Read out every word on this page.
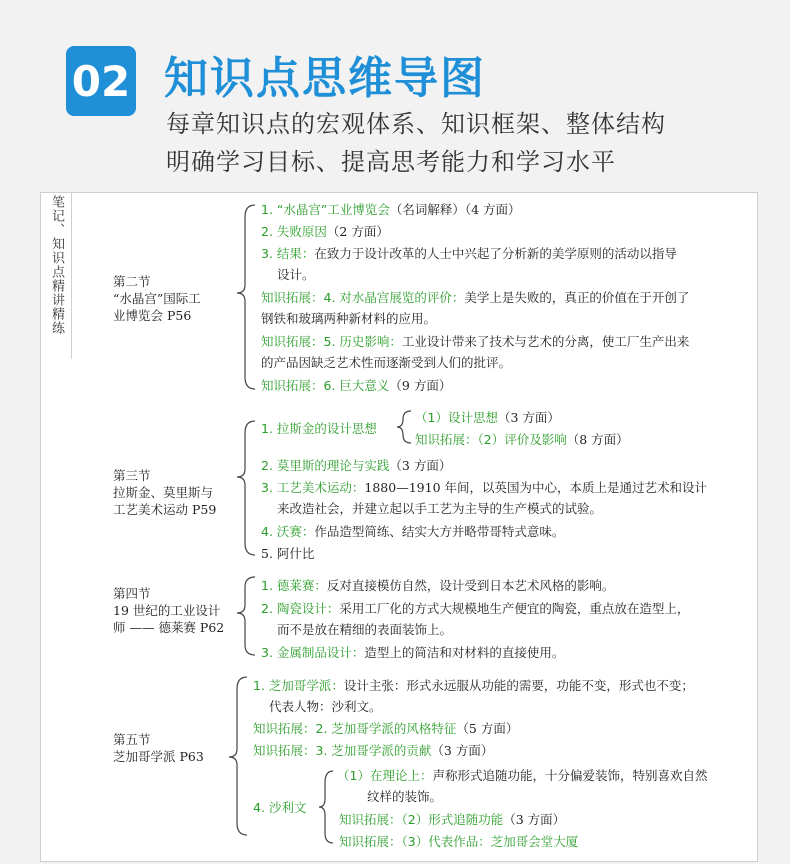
02 知识点思维导图
每章知识点的宏观体系、知识框架、整体结构
明确学习目标、提高思考能力和学习水平
笔记、知识点精讲精练	第二节
“水晶宫”国际工
业博览会 P56
1. “水晶宫”工业博览会（名词解释）（4 方面）
2. 失败原因（2 方面）
3. 结果：在致力于设计改革的人士中兴起了分析新的美学原则的活动以指导
设计。
知识拓展：4. 对水晶宫展览的评价：美学上是失败的，真正的价值在于开创了
钢铁和玻璃两种新材料的应用。
知识拓展：5. 历史影响：工业设计带来了技术与艺术的分离，使工厂生产出来
的产品因缺乏艺术性而逐渐受到人们的批评。
知识拓展：6. 巨大意义（9 方面）
第三节
拉斯金、莫里斯与
工艺美术运动 P59
1. 拉斯金的设计思想
（1）设计思想（3 方面）
知识拓展：（2）评价及影响（8 方面）
2. 莫里斯的理论与实践（3 方面）
3. 工艺美术运动：1880—1910 年间，以英国为中心，本质上是通过艺术和设计
来改造社会，并建立起以手工艺为主导的生产模式的试验。
4. 沃赛：作品造型简练、结实大方并略带哥特式意味。
5. 阿什比
第四节
19 世纪的工业设计
师 —— 德莱赛 P62
1. 德莱赛：反对直接模仿自然，设计受到日本艺术风格的影响。
2. 陶瓷设计：采用工厂化的方式大规模地生产便宜的陶瓷，重点放在造型上，
而不是放在精细的表面装饰上。
3. 金属制品设计：造型上的简洁和对材料的直接使用。
第五节
芝加哥学派 P63
1. 芝加哥学派：设计主张：形式永远服从功能的需要，功能不变，形式也不变；
代表人物：沙利文。
知识拓展：2. 芝加哥学派的风格特征（5 方面）
知识拓展：3. 芝加哥学派的贡献（3 方面）
4. 沙利文
（1）在理论上：声称形式追随功能，十分偏爱装饰，特别喜欢自然
纹样的装饰。
知识拓展：（2）形式追随功能（3 方面）
知识拓展：（3）代表作品：芝加哥会堂大厦
